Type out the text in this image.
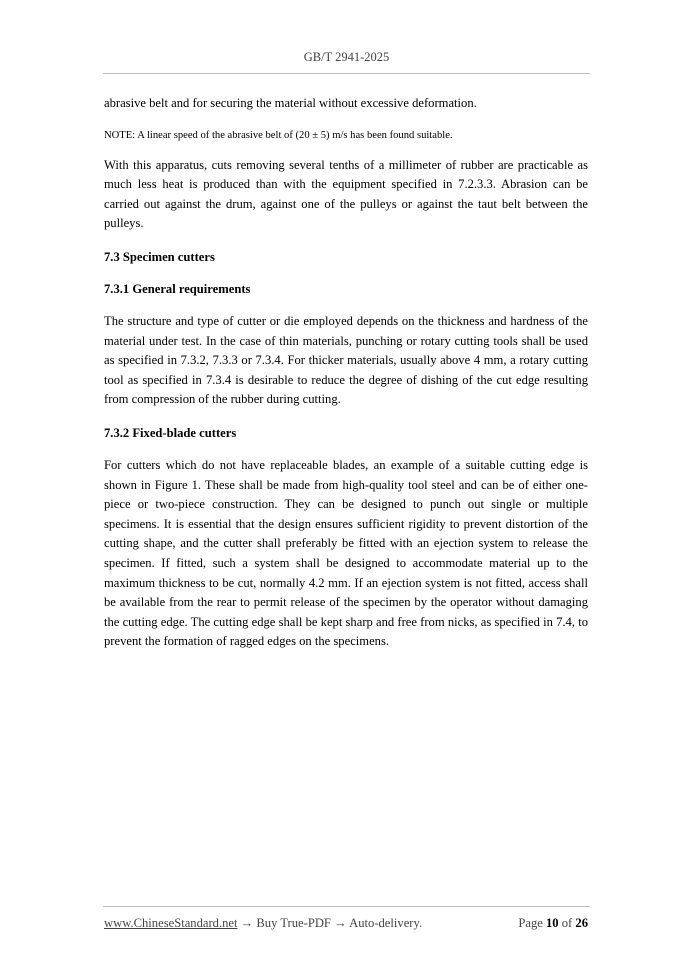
GB/T 2941-2025

abrasive belt and for securing the material without excessive deformation.

NOTE: A linear speed of the abrasive belt of (20 ± 5) m/s has been found suitable.

With this apparatus, cuts removing several tenths of a millimeter of rubber are practicable as much less heat is produced than with the equipment specified in 7.2.3.3. Abrasion can be carried out against the drum, against one of the pulleys or against the taut belt between the pulleys.

7.3 Specimen cutters
7.3.1 General requirements

The structure and type of cutter or die employed depends on the thickness and hardness of the material under test. In the case of thin materials, punching or rotary cutting tools shall be used as specified in 7.3.2, 7.3.3 or 7.3.4. For thicker materials, usually above 4 mm, a rotary cutting tool as specified in 7.3.4 is desirable to reduce the degree of dishing of the cut edge resulting from compression of the rubber during cutting.

7.3.2 Fixed-blade cutters

For cutters which do not have replaceable blades, an example of a suitable cutting edge is shown in Figure 1. These shall be made from high-quality tool steel and can be of either one-piece or two-piece construction. They can be designed to punch out single or multiple specimens. It is essential that the design ensures sufficient rigidity to prevent distortion of the cutting shape, and the cutter shall preferably be fitted with an ejection system to release the specimen. If fitted, such a system shall be designed to accommodate material up to the maximum thickness to be cut, normally 4.2 mm. If an ejection system is not fitted, access shall be available from the rear to permit release of the specimen by the operator without damaging the cutting edge. The cutting edge shall be kept sharp and free from nicks, as specified in 7.4, to prevent the formation of ragged edges on the specimens.

www.ChineseStandard.net → Buy True-PDF → Auto-delivery.	Page 10 of 26
